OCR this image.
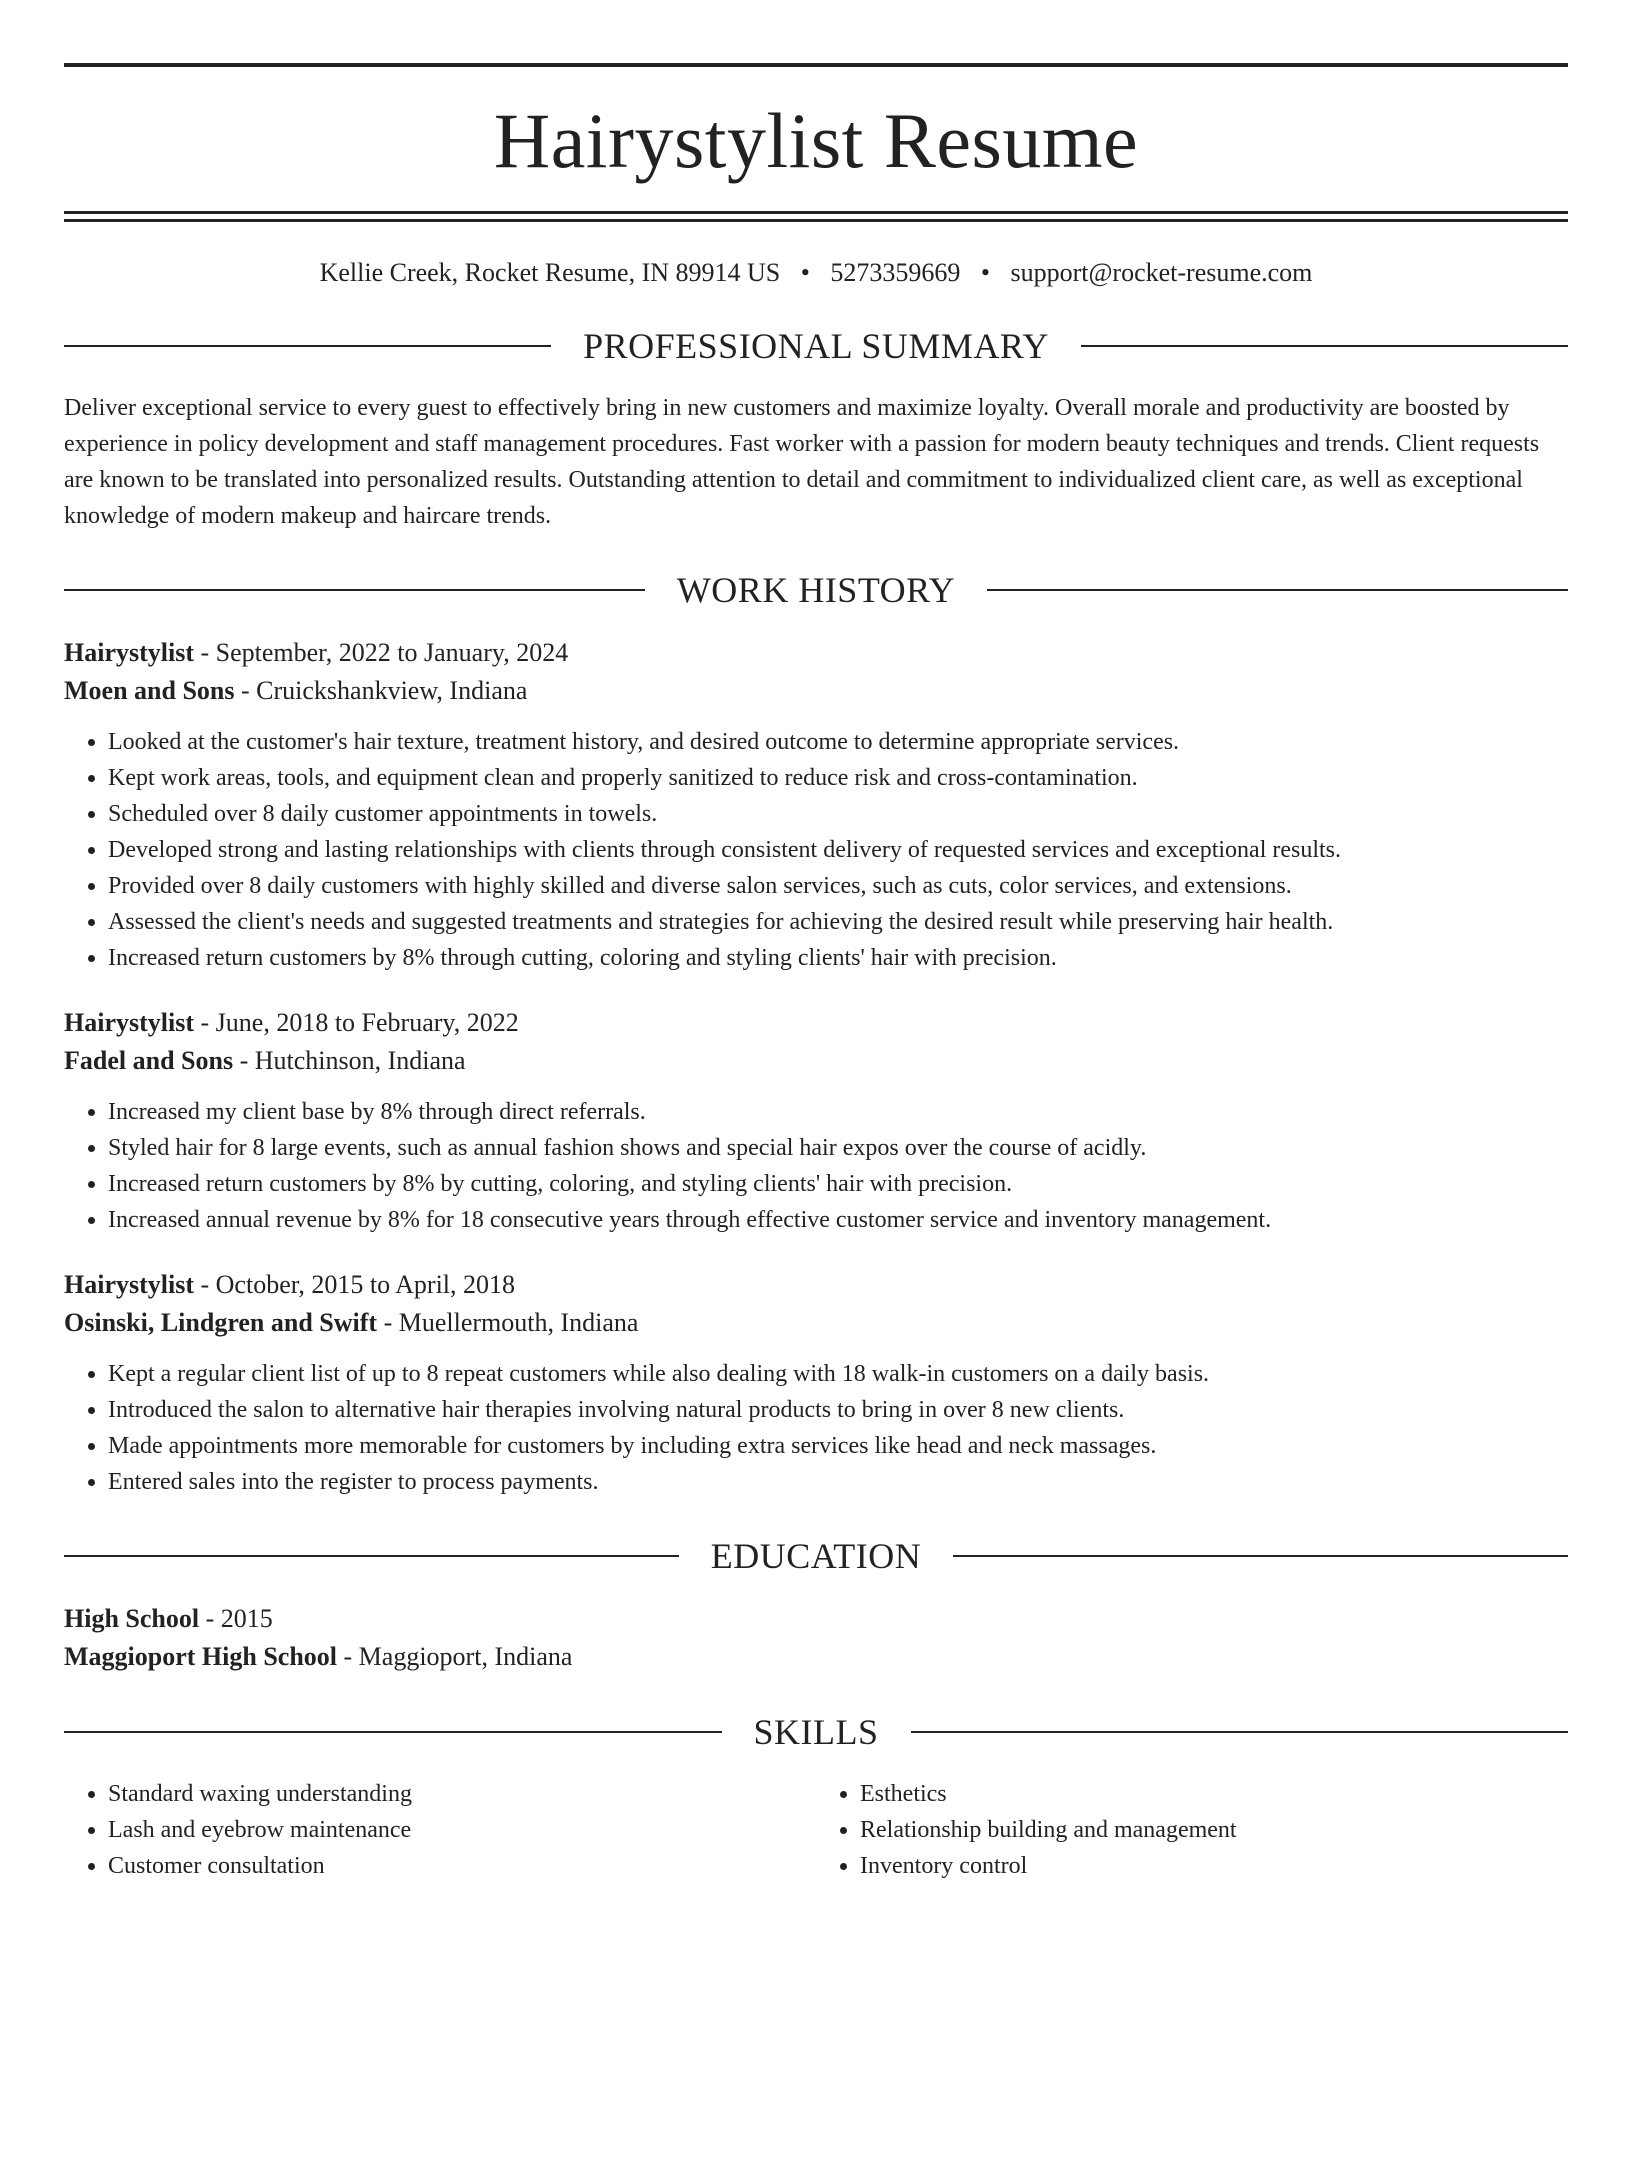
Hairystylist Resume
Kellie Creek, Rocket Resume, IN 89914 US • 5273359669 • support@rocket-resume.com
PROFESSIONAL SUMMARY
Deliver exceptional service to every guest to effectively bring in new customers and maximize loyalty. Overall morale and productivity are boosted by experience in policy development and staff management procedures. Fast worker with a passion for modern beauty techniques and trends. Client requests are known to be translated into personalized results. Outstanding attention to detail and commitment to individualized client care, as well as exceptional knowledge of modern makeup and haircare trends.
WORK HISTORY
Hairystylist - September, 2022 to January, 2024
Moen and Sons - Cruickshankview, Indiana
• Looked at the customer's hair texture, treatment history, and desired outcome to determine appropriate services.
• Kept work areas, tools, and equipment clean and properly sanitized to reduce risk and cross-contamination.
• Scheduled over 8 daily customer appointments in towels.
• Developed strong and lasting relationships with clients through consistent delivery of requested services and exceptional results.
• Provided over 8 daily customers with highly skilled and diverse salon services, such as cuts, color services, and extensions.
• Assessed the client's needs and suggested treatments and strategies for achieving the desired result while preserving hair health.
• Increased return customers by 8% through cutting, coloring and styling clients' hair with precision.
Hairystylist - June, 2018 to February, 2022
Fadel and Sons - Hutchinson, Indiana
• Increased my client base by 8% through direct referrals.
• Styled hair for 8 large events, such as annual fashion shows and special hair expos over the course of acidly.
• Increased return customers by 8% by cutting, coloring, and styling clients' hair with precision.
• Increased annual revenue by 8% for 18 consecutive years through effective customer service and inventory management.
Hairystylist - October, 2015 to April, 2018
Osinski, Lindgren and Swift - Muellermouth, Indiana
• Kept a regular client list of up to 8 repeat customers while also dealing with 18 walk-in customers on a daily basis.
• Introduced the salon to alternative hair therapies involving natural products to bring in over 8 new clients.
• Made appointments more memorable for customers by including extra services like head and neck massages.
• Entered sales into the register to process payments.
EDUCATION
High School - 2015
Maggioport High School - Maggioport, Indiana
SKILLS
• Standard waxing understanding
• Lash and eyebrow maintenance
• Customer consultation
• Esthetics
• Relationship building and management
• Inventory control
